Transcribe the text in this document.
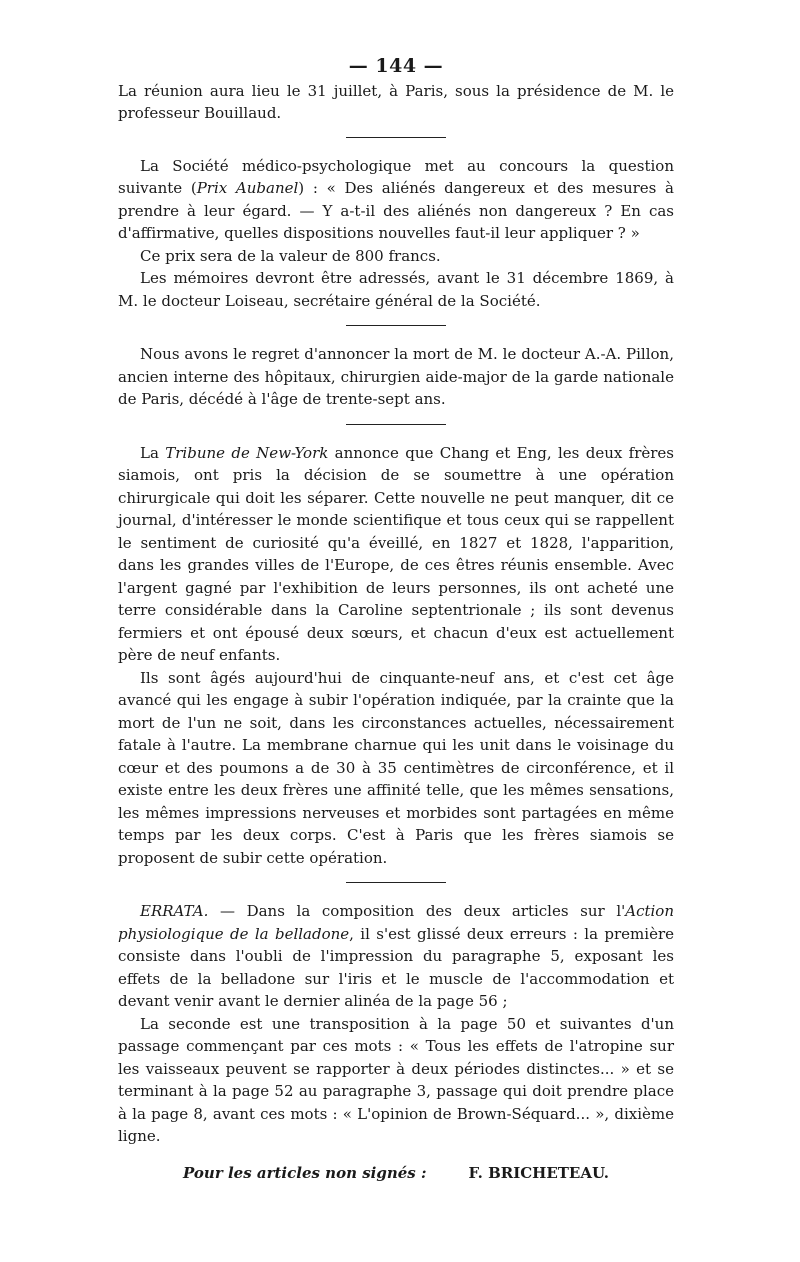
— 144 —

La réunion aura lieu le 31 juillet, à Paris, sous la présidence de M. le professeur Bouillaud.

La Société médico-psychologique met au concours la question suivante (Prix Aubanel) : « Des aliénés dangereux et des mesures à prendre à leur égard. — Y a-t-il des aliénés non dangereux ? En cas d'affirmative, quelles dispositions nouvelles faut-il leur appliquer ? »

Ce prix sera de la valeur de 800 francs.

Les mémoires devront être adressés, avant le 31 décembre 1869, à M. le docteur Loiseau, secrétaire général de la Société.

Nous avons le regret d'annoncer la mort de M. le docteur A.-A. Pillon, ancien interne des hôpitaux, chirurgien aide-major de la garde nationale de Paris, décédé à l'âge de trente-sept ans.

La Tribune de New-York annonce que Chang et Eng, les deux frères siamois, ont pris la décision de se soumettre à une opération chirurgicale qui doit les séparer. Cette nouvelle ne peut manquer, dit ce journal, d'intéresser le monde scientifique et tous ceux qui se rappellent le sentiment de curiosité qu'a éveillé, en 1827 et 1828, l'apparition, dans les grandes villes de l'Europe, de ces êtres réunis ensemble. Avec l'argent gagné par l'exhibition de leurs personnes, ils ont acheté une terre considérable dans la Caroline septentrionale ; ils sont devenus fermiers et ont épousé deux sœurs, et chacun d'eux est actuellement père de neuf enfants.

Ils sont âgés aujourd'hui de cinquante-neuf ans, et c'est cet âge avancé qui les engage à subir l'opération indiquée, par la crainte que la mort de l'un ne soit, dans les circonstances actuelles, nécessairement fatale à l'autre. La membrane charnue qui les unit dans le voisinage du cœur et des poumons a de 30 à 35 centimètres de circonférence, et il existe entre les deux frères une affinité telle, que les mêmes sensations, les mêmes impressions nerveuses et morbides sont partagées en même temps par les deux corps. C'est à Paris que les frères siamois se proposent de subir cette opération.

ERRATA. — Dans la composition des deux articles sur l'Action physiologique de la belladone, il s'est glissé deux erreurs : la première consiste dans l'oubli de l'impression du paragraphe 5, exposant les effets de la belladone sur l'iris et le muscle de l'accommodation et devant venir avant le dernier alinéa de la page 56 ;

La seconde est une transposition à la page 50 et suivantes d'un passage commençant par ces mots : « Tous les effets de l'atropine sur les vaisseaux peuvent se rapporter à deux périodes distinctes... » et se terminant à la page 52 au paragraphe 3, passage qui doit prendre place à la page 8, avant ces mots : « L'opinion de Brown-Séquard... », dixième ligne.

Pour les articles non signés :	F. BRICHETEAU.
